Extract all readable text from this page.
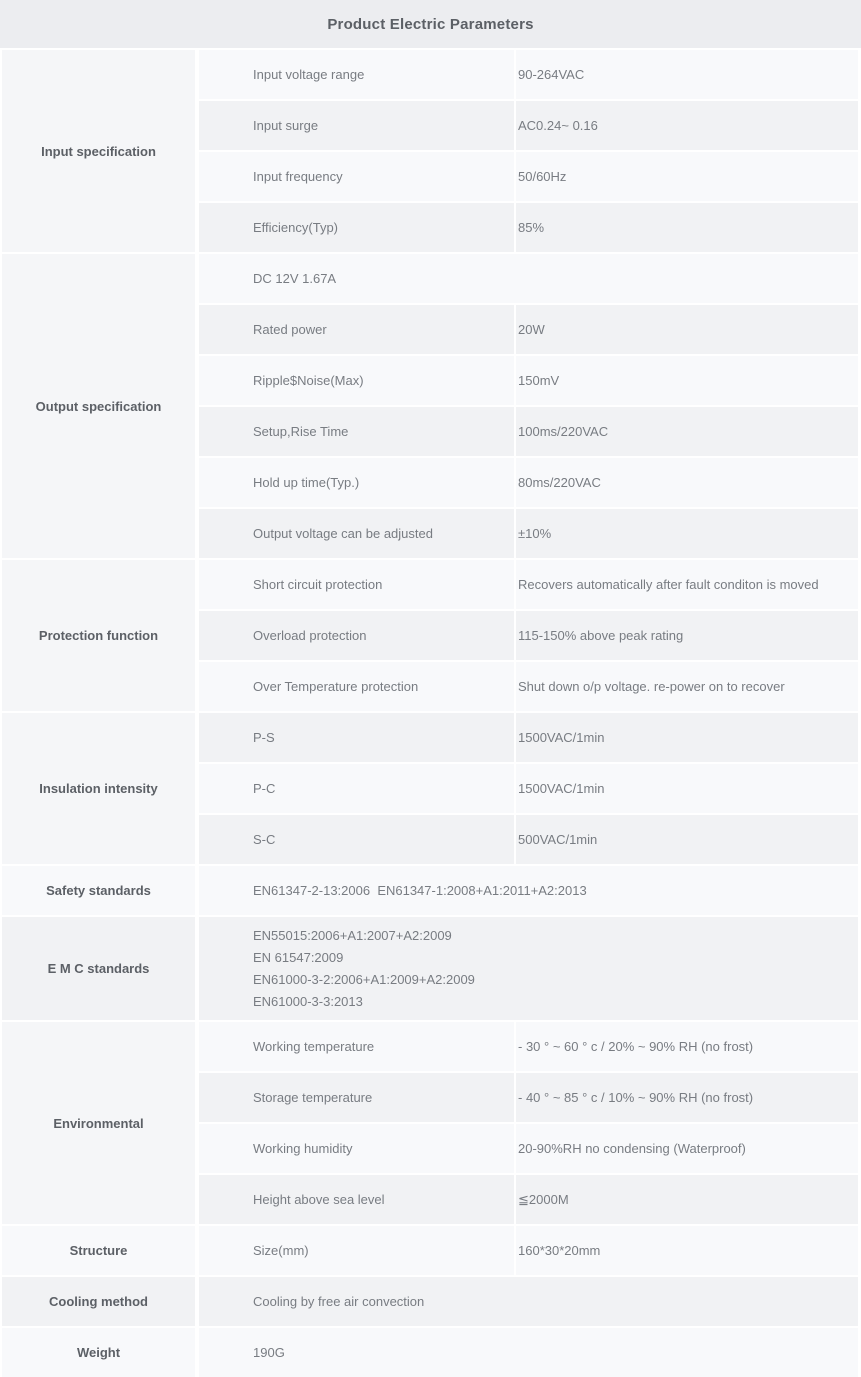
Product Electric Parameters
Input specification
Input voltage range	90-264VAC
Input surge	AC0.24~ 0.16
Input frequency	50/60Hz
Efficiency(Typ)	85%
Output specification
DC 12V 1.67A
Rated power	20W
Ripple$Noise(Max)	150mV
Setup,Rise Time	100ms/220VAC
Hold up time(Typ.)	80ms/220VAC
Output voltage can be adjusted	±10%
Protection function
Short circuit protection	Recovers automatically after fault conditon is moved
Overload protection	115-150% above peak rating
Over Temperature protection	Shut down o/p voltage. re-power on to recover
Insulation intensity
P-S	1500VAC/1min
P-C	1500VAC/1min
S-C	500VAC/1min
Safety standards	EN61347-2-13:2006  EN61347-1:2008+A1:2011+A2:2013
E M C standards
EN55015:2006+A1:2007+A2:2009
EN 61547:2009
EN61000-3-2:2006+A1:2009+A2:2009
EN61000-3-3:2013
Environmental
Working temperature	- 30 ° ~ 60 ° c / 20% ~ 90% RH (no frost)
Storage temperature	- 40 ° ~ 85 ° c / 10% ~ 90% RH (no frost)
Working humidity	20-90%RH no condensing (Waterproof)
Height above sea level	≦2000M
Structure	Size(mm)	160*30*20mm
Cooling method	Cooling by free air convection
Weight	190G
